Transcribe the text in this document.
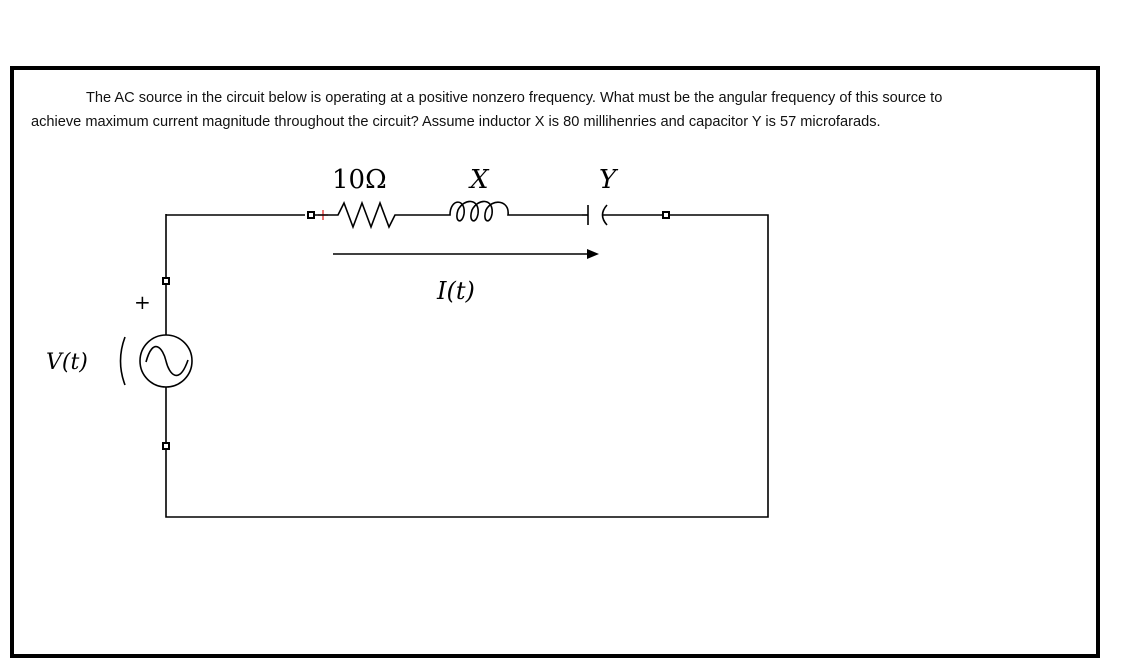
The AC source in the circuit below is operating at a positive nonzero frequency. What must be the angular frequency of this source to
achieve maximum current magnitude throughout the circuit? Assume inductor X is 80 millihenries and capacitor Y is 57 microfarads.
10Ω	X	Y
I(t)
V(t)
+
